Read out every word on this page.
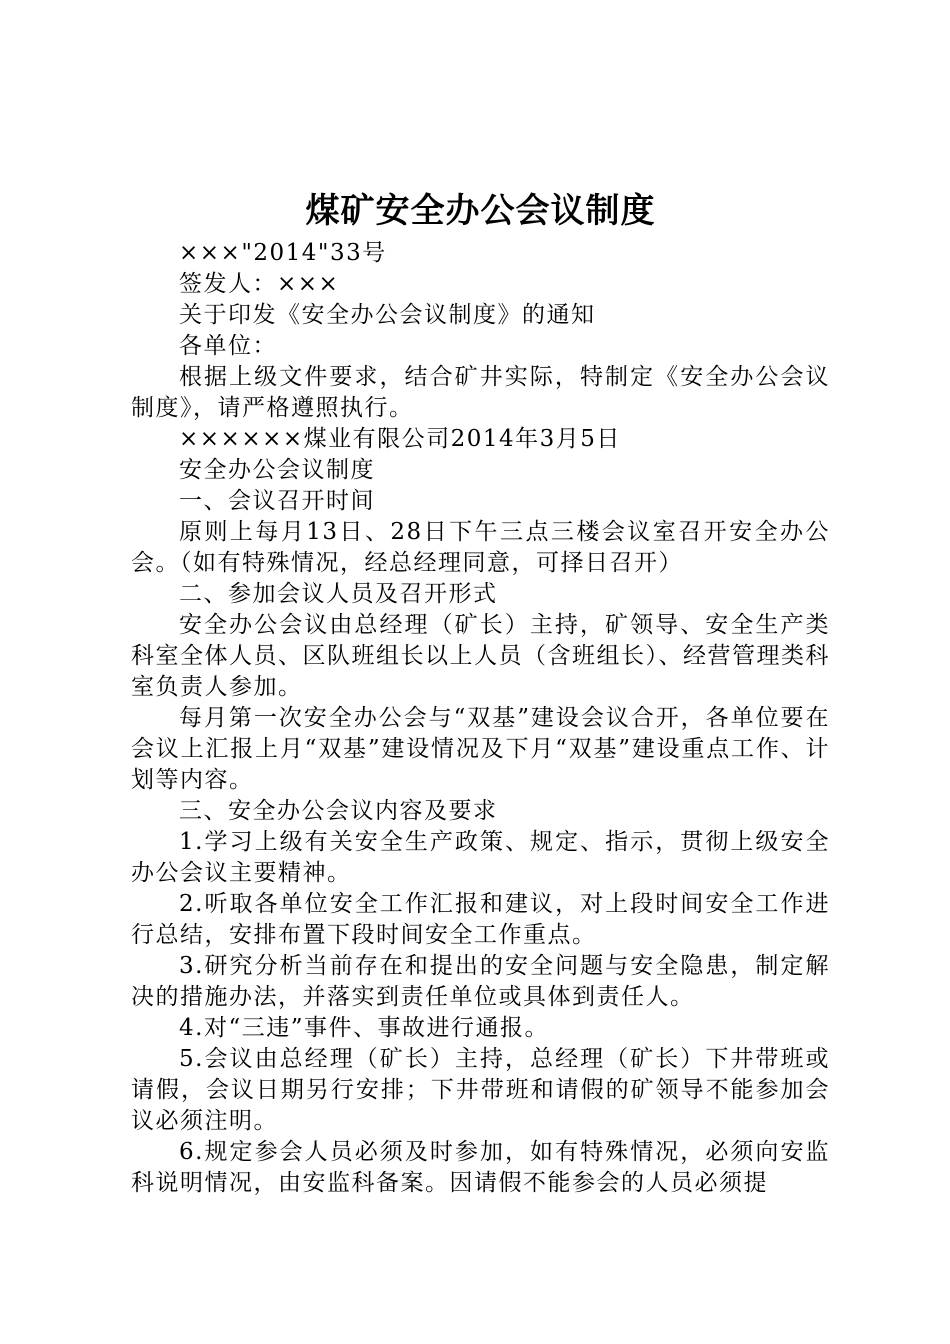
煤矿安全办公会议制度

×××"2014"33号

签发人：×××

关于印发《安全办公会议制度》的通知

各单位：

根据上级文件要求，结合矿井实际，特制定《安全办公会议制度》，请严格遵照执行。

××××××煤业有限公司2014年3月5日

安全办公会议制度

一、会议召开时间

原则上每月13日、28日下午三点三楼会议室召开安全办公会。（如有特殊情况，经总经理同意，可择日召开）

二、参加会议人员及召开形式

安全办公会议由总经理（矿长）主持，矿领导、安全生产类科室全体人员、区队班组长以上人员（含班组长）、经营管理类科室负责人参加。

每月第一次安全办公会与“双基”建设会议合开，各单位要在会议上汇报上月“双基”建设情况及下月“双基”建设重点工作、计划等内容。

三、安全办公会议内容及要求

1.学习上级有关安全生产政策、规定、指示，贯彻上级安全办公会议主要精神。

2.听取各单位安全工作汇报和建议，对上段时间安全工作进行总结，安排布置下段时间安全工作重点。

3.研究分析当前存在和提出的安全问题与安全隐患，制定解决的措施办法，并落实到责任单位或具体到责任人。

4.对“三违”事件、事故进行通报。

5.会议由总经理（矿长）主持，总经理（矿长）下井带班或请假，会议日期另行安排；下井带班和请假的矿领导不能参加会议必须注明。

6.规定参会人员必须及时参加，如有特殊情况，必须向安监科说明情况，由安监科备案。因请假不能参会的人员必须提
